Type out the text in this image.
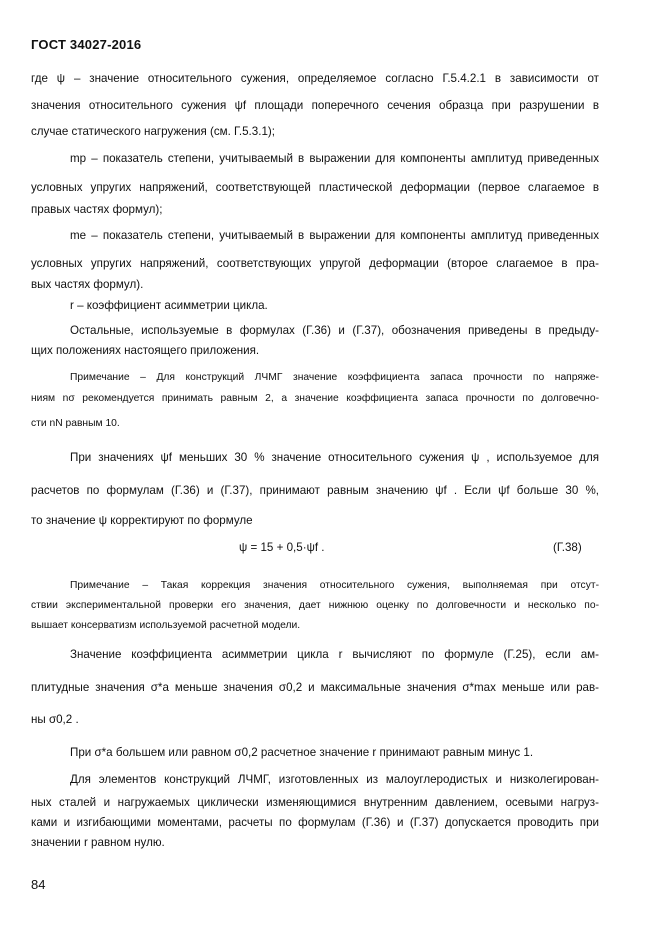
ГОСТ 34027-2016
где ψ – значение относительного сужения, определяемое согласно Г.5.4.2.1 в зависимости от
значения относительного сужения ψf площади поперечного сечения образца при разрушении в
случае статического нагружения (см. Г.5.3.1);
mp – показатель степени, учитываемый в выражении для компоненты амплитуд приведенных
условных упругих напряжений, соответствующей пластической деформации (первое слагаемое в
правых частях формул);
me – показатель степени, учитываемый в выражении для компоненты амплитуд приведенных
условных упругих напряжений, соответствующих упругой деформации (второе слагаемое в пра-
вых частях формул).
r – коэффициент асимметрии цикла.
Остальные, используемые в формулах (Г.36) и (Г.37), обозначения приведены в предыду-
щих положениях настоящего приложения.
Примечание – Для конструкций ЛЧМГ значение коэффициента запаса прочности по напряже-
ниям nσ рекомендуется принимать равным 2, а значение коэффициента запаса прочности по долговечно-
сти nN равным 10.
При значениях ψf меньших 30 % значение относительного сужения ψ , используемое для
расчетов по формулам (Г.36) и (Г.37), принимают равным значению ψf . Если ψf больше 30 %,
то значение ψ корректируют по формуле
ψ = 15 + 0,5·ψf .	(Г.38)
Примечание – Такая коррекция значения относительного сужения, выполняемая при отсут-
ствии экспериментальной проверки его значения, дает нижнюю оценку по долговечности и несколько по-
вышает консерватизм используемой расчетной модели.
Значение коэффициента асимметрии цикла r вычисляют по формуле (Г.25), если ам-
плитудные значения σ*a меньше значения σ0,2 и максимальные значения σ*max меньше или рав-
ны σ0,2 .
При σ*a большем или равном σ0,2 расчетное значение r принимают равным минус 1.
Для элементов конструкций ЛЧМГ, изготовленных из малоуглеродистых и низколегирован-
ных сталей и нагружаемых циклически изменяющимися внутренним давлением, осевыми нагруз-
ками и изгибающими моментами, расчеты по формулам (Г.36) и (Г.37) допускается проводить при
значении r равном нулю.
84
